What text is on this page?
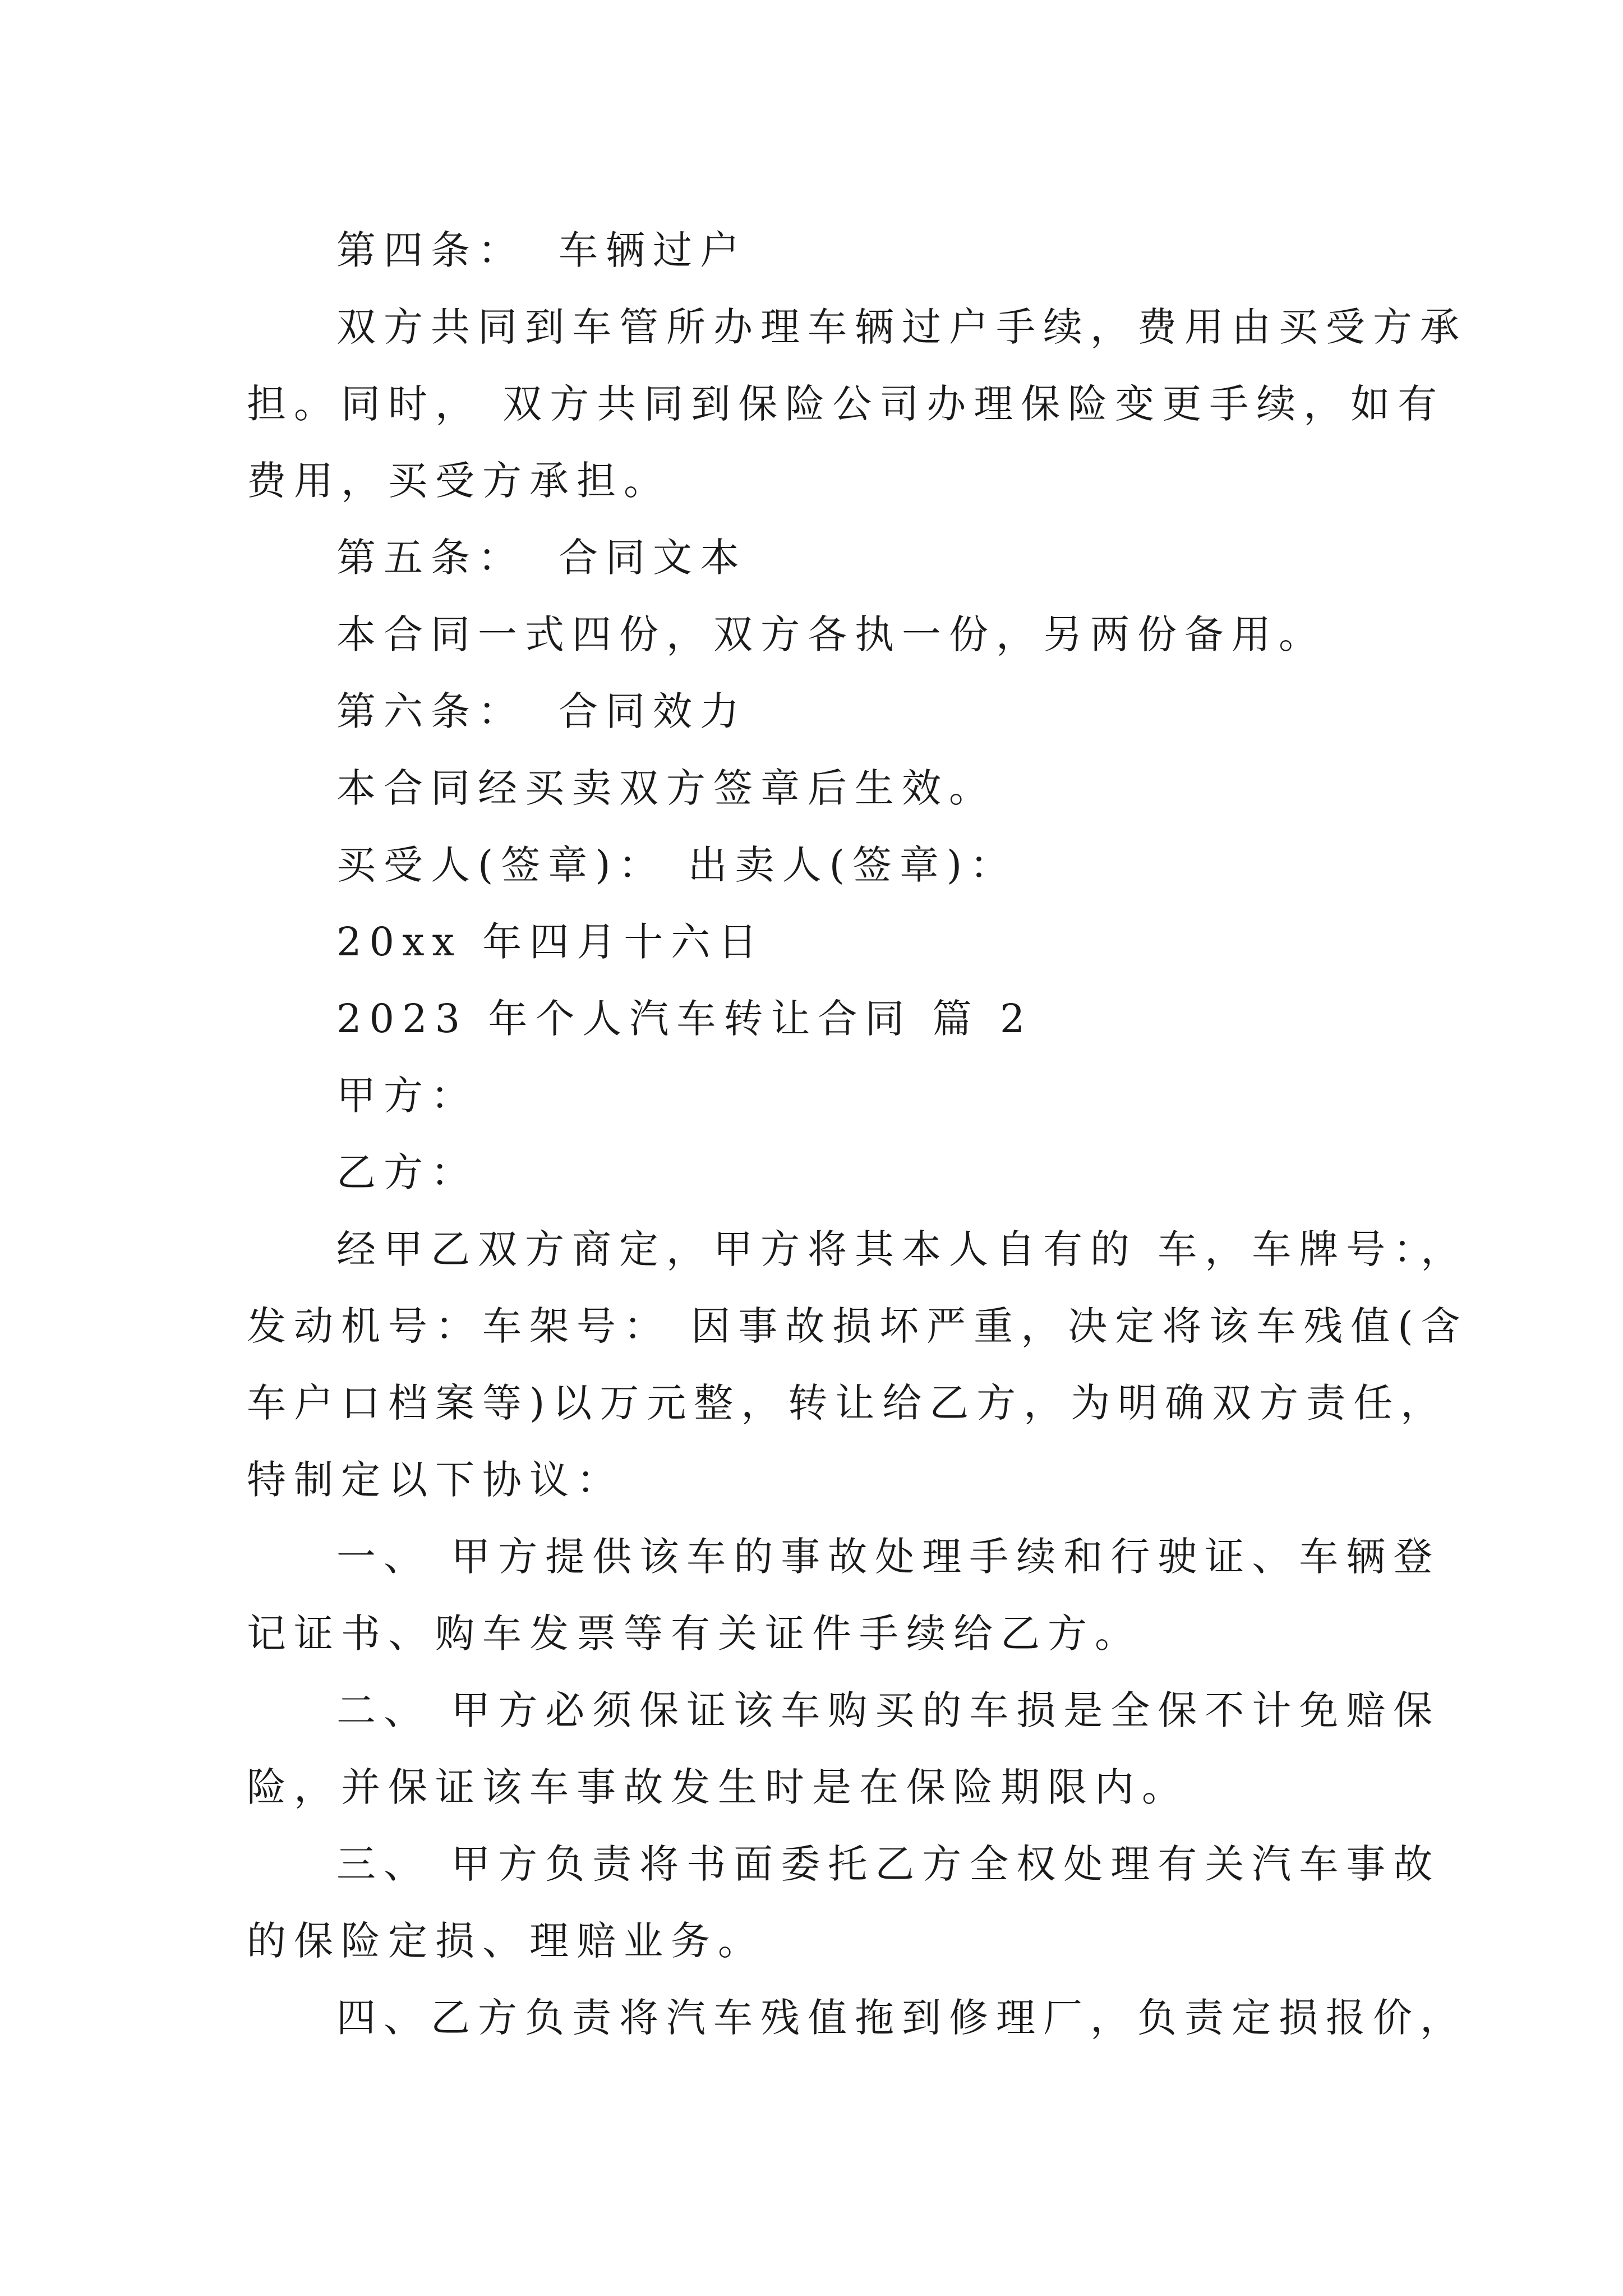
第四条： 车辆过户

双方共同到车管所办理车辆过户手续，费用由买受方承

担。同时， 双方共同到保险公司办理保险变更手续，如有

费用，买受方承担。

第五条： 合同文本

本合同一式四份，双方各执一份，另两份备用。

第六条： 合同效力

本合同经买卖双方签章后生效。

买受人(签章)： 出卖人(签章)：

20xx 年四月十六日

2023 年个人汽车转让合同 篇 2

甲方：

乙方：

经甲乙双方商定，甲方将其本人自有的 车，车牌号：，

发动机号：车架号： 因事故损坏严重，决定将该车残值(含

车户口档案等)以万元整，转让给乙方，为明确双方责任，

特制定以下协议：

一、 甲方提供该车的事故处理手续和行驶证、车辆登

记证书、购车发票等有关证件手续给乙方。

二、 甲方必须保证该车购买的车损是全保不计免赔保

险，并保证该车事故发生时是在保险期限内。

三、 甲方负责将书面委托乙方全权处理有关汽车事故

的保险定损、理赔业务。

四、乙方负责将汽车残值拖到修理厂，负责定损报价，
